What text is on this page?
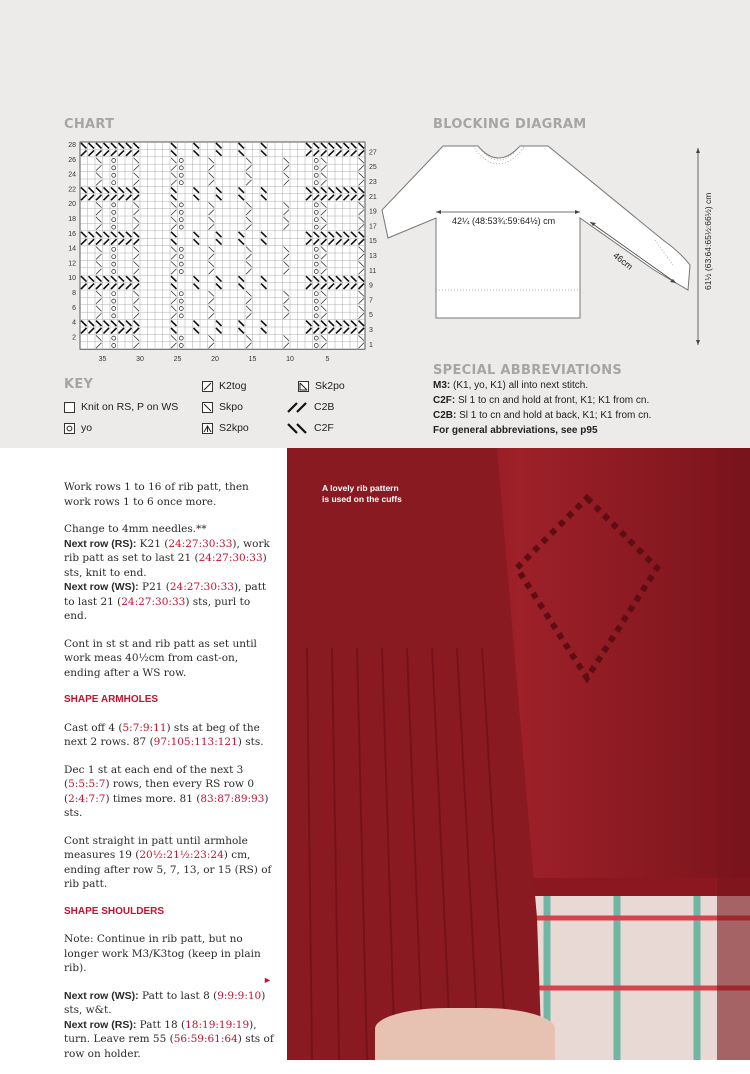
CHART
28
26
24
22
20
18
16
14
12
10
8
6
4
2
27
25
23
21
19
17
15
13
11
9
7
5
3
1
35	30	25	20	15	10	5
KEY
Knit on RS, P on WS
yo
K2tog
Skpo
S2kpo
Sk2po
C2B
C2F
BLOCKING DIAGRAM
42¼ (48:53¾:59:64½) cm
46cm	61½ (63:64:65½:66½) cm
SPECIAL ABBREVIATIONS
M3: (K1, yo, K1) all into next stitch.
C2F: Sl 1 to cn and hold at front, K1; K1 from cn.
C2B: Sl 1 to cn and hold at back, K1; K1 from cn.
For general abbreviations, see p95

Work rows 1 to 16 of rib patt, then work rows 1 to 6 once more.

Change to 4mm needles.**

Next row (RS): K21 (24:27:30:33), work rib patt as set to last 21 (24:27:30:33) sts, knit to end.

Next row (WS): P21 (24:27:30:33), patt to last 21 (24:27:30:33) sts, purl to end.

Cont in st st and rib patt as set until work meas 40½cm from cast-on, ending after a WS row.

SHAPE ARMHOLES

Cast off 4 (5:7:9:11) sts at beg of the next 2 rows. 87 (97:105:113:121) sts.

Dec 1 st at each end of the next 3 (5:5:5:7) rows, then every RS row 0 (2:4:7:7) times more. 81 (83:87:89:93) sts.

Cont straight in patt until armhole measures 19 (20½:21½:23:24) cm, ending after row 5, 7, 13, or 15 (RS) of rib patt.

SHAPE SHOULDERS

Note: Continue in rib patt, but no longer work M3/K3tog (keep in plain rib).

Next row (WS): Patt to last 8 (9:9:9:10) sts, w&t.

Next row (RS): Patt 18 (18:19:19:19), turn. Leave rem 55 (56:59:61:64) sts of row on holder.

►
A lovely rib pattern is used on the cuffs
